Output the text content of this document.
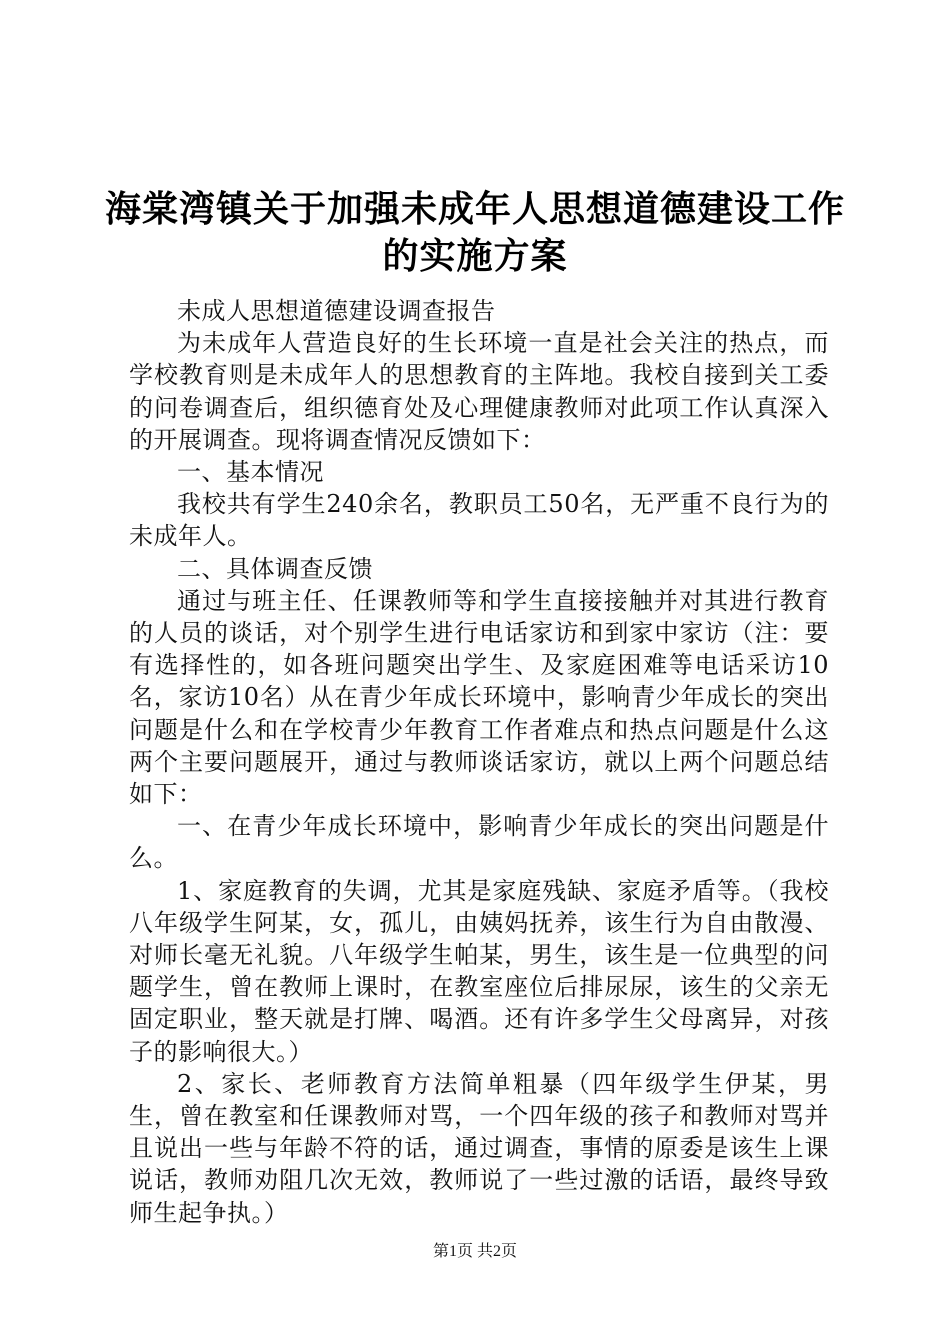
海棠湾镇关于加强未成年人思想道德建设工作
的实施方案

未成人思想道德建设调查报告

为未成年人营造良好的生长环境一直是社会关注的热点，而学校教育则是未成年人的思想教育的主阵地。我校自接到关工委的问卷调查后，组织德育处及心理健康教师对此项工作认真深入的开展调查。现将调查情况反馈如下：

一、基本情况

我校共有学生240余名，教职员工50名，无严重不良行为的未成年人。

二、具体调查反馈

通过与班主任、任课教师等和学生直接接触并对其进行教育的人员的谈话，对个别学生进行电话家访和到家中家访（注：要有选择性的，如各班问题突出学生、及家庭困难等电话采访10名，家访10名）从在青少年成长环境中，影响青少年成长的突出问题是什么和在学校青少年教育工作者难点和热点问题是什么这两个主要问题展开，通过与教师谈话家访，就以上两个问题总结如下：

一、在青少年成长环境中，影响青少年成长的突出问题是什么。

1、家庭教育的失调，尤其是家庭残缺、家庭矛盾等。（我校八年级学生阿某，女，孤儿，由姨妈抚养，该生行为自由散漫、对师长毫无礼貌。八年级学生帕某，男生，该生是一位典型的问题学生，曾在教师上课时，在教室座位后排尿尿，该生的父亲无固定职业，整天就是打牌、喝酒。还有许多学生父母离异，对孩子的影响很大。）

2、家长、老师教育方法简单粗暴（四年级学生伊某，男生，曾在教室和任课教师对骂，一个四年级的孩子和教师对骂并且说出一些与年龄不符的话，通过调查，事情的原委是该生上课说话，教师劝阻几次无效，教师说了一些过激的话语，最终导致师生起争执。）

第1页 共2页
